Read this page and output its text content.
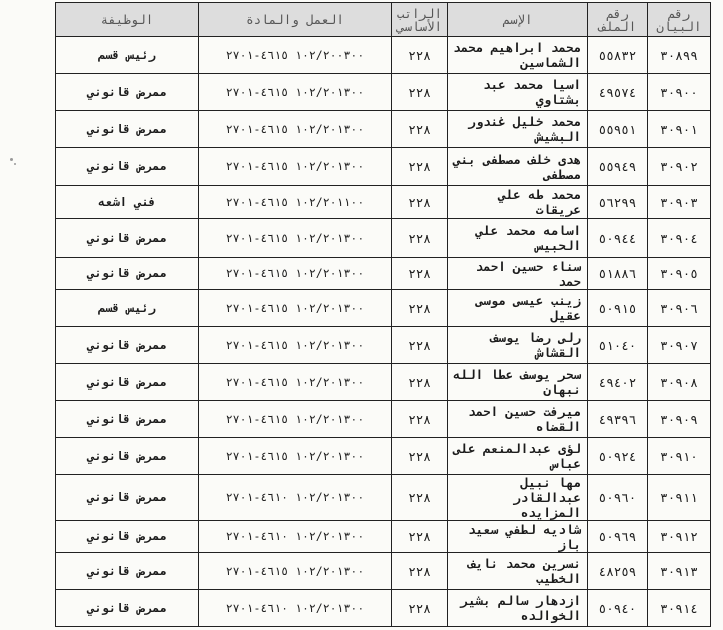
رقم البيان	رقم الملف	الإسم	الراتب الأساسي	العمل والمادة	الوظيفة
٣٠٨٩٩	٥٥٨٣٢	محمد ابراهيم محمد الشماسين	٢٢٨	١٠٢/٢٠٠٣٠٠ ٤٦١٥-٢٧٠١	رئيس قسم
٣٠٩٠٠	٤٩٥٧٤	اسيا محمد عبد بشتاوي	٢٢٨	١٠٢/٢٠١٣٠٠ ٤٦١٥-٢٧٠١	ممرض قانوني
٣٠٩٠١	٥٥٩٥١	محمد خليل غندور البشيش	٢٢٨	١٠٢/٢٠١٣٠٠ ٤٦١٥-٢٧٠١	ممرض قانوني
٣٠٩٠٢	٥٥٩٤٩	هدى خلف مصطفى بني مصطفى	٢٢٨	١٠٢/٢٠١٣٠٠ ٤٦١٥-٢٧٠١	ممرض قانوني
٣٠٩٠٣	٥٦٢٩٩	محمد طه علي عريقات	٢٢٨	١٠٢/٢٠١١٠٠ ٤٦١٥-٢٧٠١	فني اشعه
٣٠٩٠٤	٥٠٩٤٤	اسامه محمد علي الحبيس	٢٢٨	١٠٢/٢٠١٣٠٠ ٤٦١٥-٢٧٠١	ممرض قانوني
٣٠٩٠٥	٥١٨٨٦	سناء حسين احمد حمد	٢٢٨	١٠٢/٢٠١٣٠٠ ٤٦١٥-٢٧٠١	ممرض قانوني
٣٠٩٠٦	٥٠٩١٥	زينب عيسى موسى عقيل	٢٢٨	١٠٢/٢٠١٣٠٠ ٤٦١٥-٢٧٠١	رئيس قسم
٣٠٩٠٧	٥١٠٤٠	رلى رضا يوسف القشاش	٢٢٨	١٠٢/٢٠١٣٠٠ ٤٦١٥-٢٧٠١	ممرض قانوني
٣٠٩٠٨	٤٩٤٠٢	سحر يوسف عطا الله نبهان	٢٢٨	١٠٢/٢٠١٣٠٠ ٤٦١٥-٢٧٠١	ممرض قانوني
٣٠٩٠٩	٤٩٣٩٦	ميرفت حسين احمد القضاه	٢٢٨	١٠٢/٢٠١٣٠٠ ٤٦١٥-٢٧٠١	ممرض قانوني
٣٠٩١٠	٥٠٩٢٤	لؤى عبدالمنعم على عباس	٢٢٨	١٠٢/٢٠١٣٠٠ ٤٦١٥-٢٧٠١	ممرض قانوني
٣٠٩١١	٥٠٩٦٠	مها نبيل عبدالقادر المزايده	٢٢٨	١٠٢/٢٠١٣٠٠ ٤٦١٠-٢٧٠١	ممرض قانوني
٣٠٩١٢	٥٠٩٦٩	شاديه لطفي سعيد باز	٢٢٨	١٠٢/٢٠١٣٠٠ ٤٦١٠-٢٧٠١	ممرض قانوني
٣٠٩١٣	٤٨٢٥٩	نسرين محمد نايف الخطيب	٢٢٨	١٠٢/٢٠١٣٠٠ ٤٦١٥-٢٧٠١	ممرض قانوني
٣٠٩١٤	٥٠٩٤٠	ازدهار سالم بشير الخوالده	٢٢٨	١٠٢/٢٠١٣٠٠ ٤٦١٠-٢٧٠١	ممرض قانوني
